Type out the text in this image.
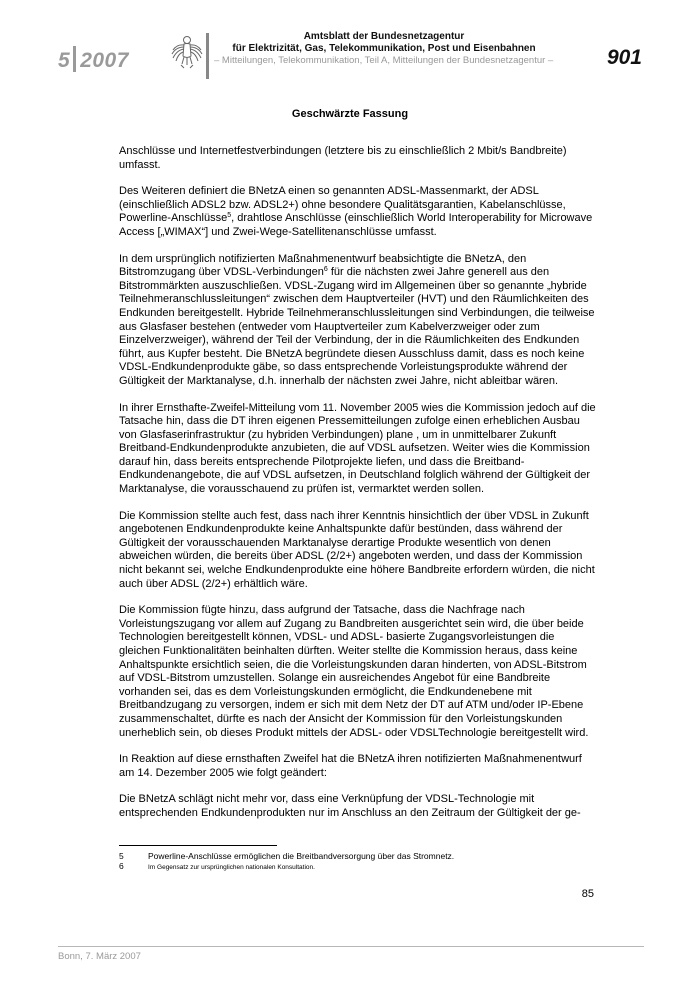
5 2007
Amtsblatt der Bundesnetzagentur
für Elektrizität, Gas, Telekommunikation, Post und Eisenbahnen
– Mitteilungen, Telekommunikation, Teil A, Mitteilungen der Bundesnetzagentur –	901
Geschwärzte Fassung

Anschlüsse und Internetfestverbindungen (letztere bis zu einschließlich 2 Mbit/s Bandbreite) umfasst.

Des Weiteren definiert die BNetzA einen so genannten ADSL-Massenmarkt, der ADSL (einschließlich ADSL2 bzw. ADSL2+) ohne besondere Qualitätsgarantien, Kabelanschlüsse, Powerline-Anschlüsse$^5$, drahtlose Anschlüsse (einschließlich World Interoperability for Microwave Access [„WIMAX“] und Zwei-Wege-Satellitenanschlüsse umfasst.

In dem ursprünglich notifizierten Maßnahmenentwurf beabsichtigte die BNetzA, den Bitstromzugang über VDSL-Verbindungen$^6$ für die nächsten zwei Jahre generell aus den Bitstrommärkten auszuschließen. VDSL-Zugang wird im Allgemeinen über so genannte „hybride Teilnehmeranschlussleitungen“ zwischen dem Hauptverteiler (HVT) und den Räumlichkeiten des Endkunden bereitgestellt. Hybride Teilnehmeranschlussleitungen sind Verbindungen, die teilweise aus Glasfaser bestehen (entweder vom Hauptverteiler zum Kabelverzweiger oder zum Einzelverzweiger), während der Teil der Verbindung, der in die Räumlichkeiten des Endkunden führt, aus Kupfer besteht. Die BNetzA begründete diesen Ausschluss damit, dass es noch keine VDSL-Endkundenprodukte gäbe, so dass entsprechende Vorleistungsprodukte während der Gültigkeit der Marktanalyse, d.h. innerhalb der nächsten zwei Jahre, nicht ableitbar wären.

In ihrer Ernsthafte-Zweifel-Mitteilung vom 11. November 2005 wies die Kommission jedoch auf die Tatsache hin, dass die DT ihren eigenen Pressemitteilungen zufolge einen erheblichen Ausbau von Glasfaserinfrastruktur (zu hybriden Verbindungen) plane , um in unmittelbarer Zukunft Breitband-Endkundenprodukte anzubieten, die auf VDSL aufsetzen. Weiter wies die Kommission darauf hin, dass bereits entsprechende Pilotprojekte liefen, und dass die Breitband-Endkundenangebote, die auf VDSL aufsetzen, in Deutschland folglich während der Gültigkeit der Marktanalyse, die vorausschauend zu prüfen ist, vermarktet werden sollen.

Die Kommission stellte auch fest, dass nach ihrer Kenntnis hinsichtlich der über VDSL in Zukunft angebotenen Endkundenprodukte keine Anhaltspunkte dafür bestünden, dass während der Gültigkeit der vorausschauenden Marktanalyse derartige Produkte wesentlich von denen abweichen würden, die bereits über ADSL (2/2+) angeboten werden, und dass der Kommission nicht bekannt sei, welche Endkundenprodukte eine höhere Bandbreite erfordern würden, die nicht auch über ADSL (2/2+) erhältlich wäre.

Die Kommission fügte hinzu, dass aufgrund der Tatsache, dass die Nachfrage nach Vorleistungszugang vor allem auf Zugang zu Bandbreiten ausgerichtet sein wird, die über beide Technologien bereitgestellt können, VDSL- und ADSL- basierte Zugangsvorleistungen die gleichen Funktionalitäten beinhalten dürften. Weiter stellte die Kommission heraus, dass keine Anhaltspunkte ersichtlich seien, die die Vorleistungskunden daran hinderten, von ADSL-Bitstrom auf VDSL-Bitstrom umzustellen. Solange ein ausreichendes Angebot für eine Bandbreite vorhanden sei, das es dem Vorleistungskunden ermöglicht, die Endkundenebene mit Breitbandzugang zu versorgen, indem er sich mit dem Netz der DT auf ATM und/oder IP-Ebene zusammenschaltet, dürfte es nach der Ansicht der Kommission für den Vorleistungskunden unerheblich sein, ob dieses Produkt mittels der ADSL- oder VDSLTechnologie bereitgestellt wird.

In Reaktion auf diese ernsthaften Zweifel hat die BNetzA ihren notifizierten Maßnahmenentwurf am 14. Dezember 2005 wie folgt geändert:

Die BNetzA schlägt nicht mehr vor, dass eine Verknüpfung der VDSL-Technologie mit entsprechenden Endkundenprodukten nur im Anschluss an den Zeitraum der Gültigkeit der ge-

5	Powerline-Anschlüsse ermöglichen die Breitbandversorgung über das Stromnetz.
6	Im Gegensatz zur ursprünglichen nationalen Konsultation.
85
Bonn, 7. März 2007
